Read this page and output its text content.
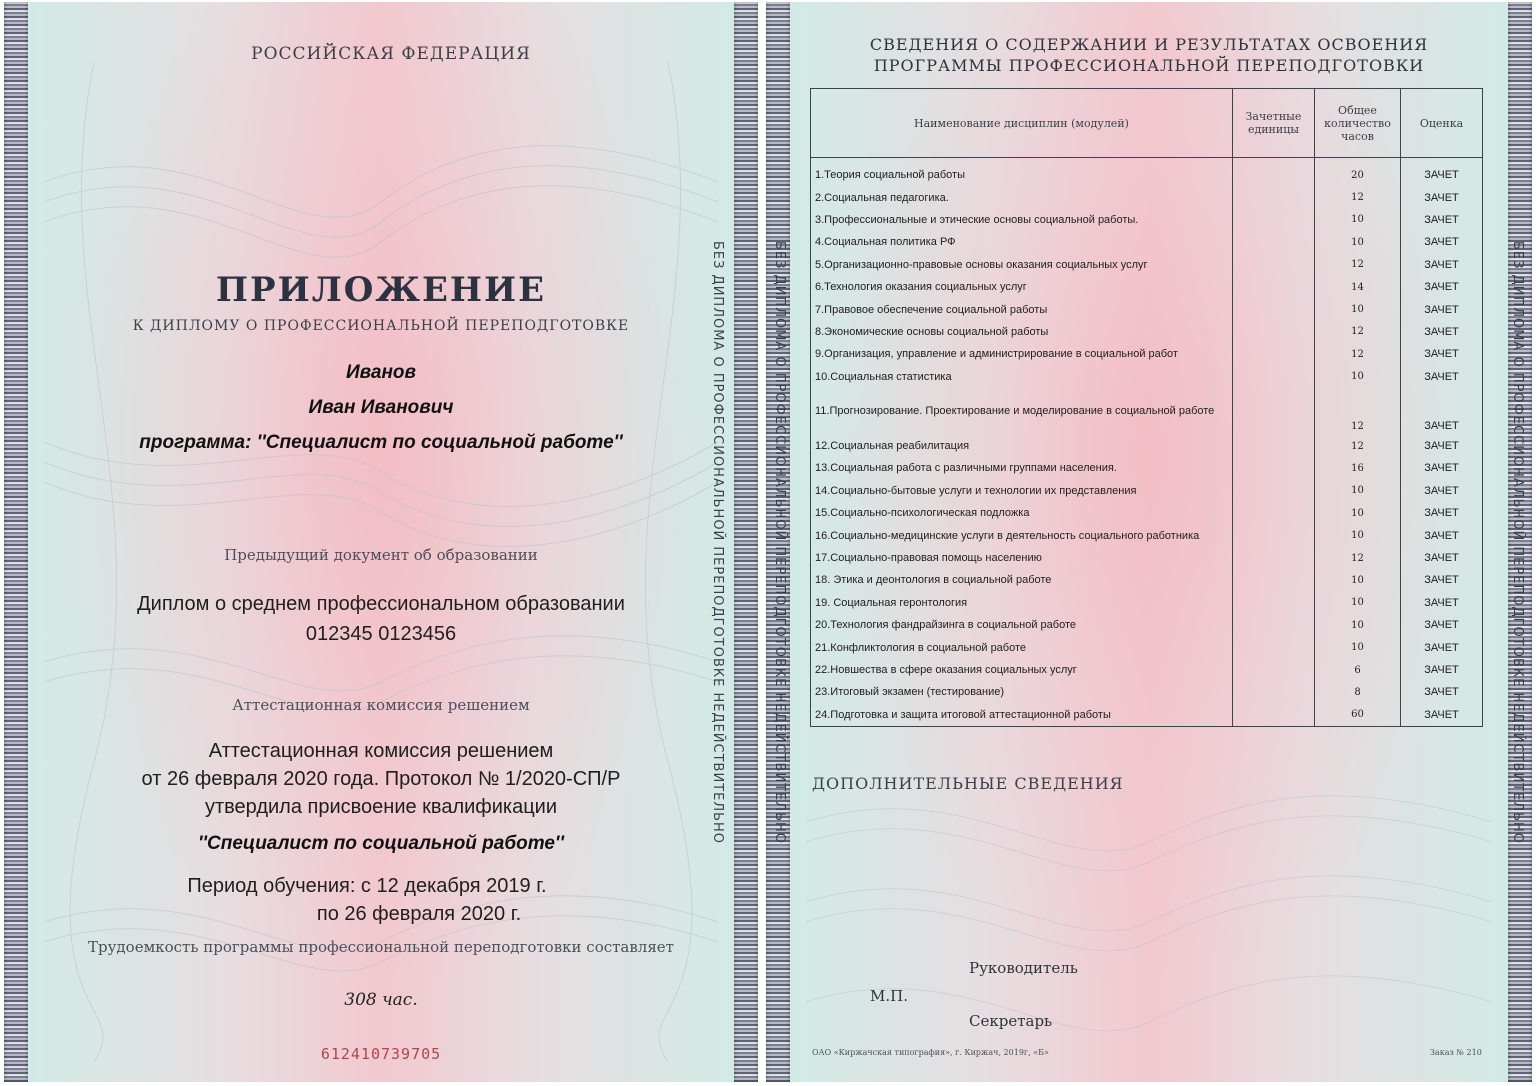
РОССИЙСКАЯ ФЕДЕРАЦИЯ
ПРИЛОЖЕНИЕ
К ДИПЛОМУ О ПРОФЕССИОНАЛЬНОЙ ПЕРЕПОДГОТОВКЕ
Иванов
Иван Иванович
программа: ''Специалист по социальной работе''
Предыдущий документ об образовании
Диплом о среднем профессиональном образовании
012345 0123456
Аттестационная комиссия решением
Аттестационная комиссия решением
от 26 февраля 2020 года. Протокол № 1/2020-СП/Р
утвердила присвоение квалификации
''Специалист по социальной работе''
Период обучения: с 12 декабря 2019 г.
по 26 февраля 2020 г.
Трудоемкость программы профессиональной переподготовки составляет
308 час.
612410739705
БЕЗ ДИПЛОМА О ПРОФЕССИОНАЛЬНОЙ ПЕРЕПОДГОТОВКЕ НЕДЕЙСТВИТЕЛЬНО	БЕЗ ДИПЛОМА О ПРОФЕССИОНАЛЬНОЙ ПЕРЕПОДГОТОВКЕ НЕДЕЙСТВИТЕЛЬНО	БЕЗ ДИПЛОМА О ПРОФЕССИОНАЛЬНОЙ ПЕРЕПОДГОТОВКЕ НЕДЕЙСТВИТЕЛЬНО
СВЕДЕНИЯ О СОДЕРЖАНИИ И РЕЗУЛЬТАТАХ ОСВОЕНИЯ
ПРОГРАММЫ ПРОФЕССИОНАЛЬНОЙ ПЕРЕПОДГОТОВКИ
Наименование дисциплин (модулей)	Зачетные единицы	Общее количество часов	Оценка
1.Теория социальной работы		20	ЗАЧЕТ
2.Социальная педагогика.		12	ЗАЧЕТ
3.Профессиональные и этические основы социальной работы.		10	ЗАЧЕТ
4.Социальная политика РФ		10	ЗАЧЕТ
5.Организационно-правовые основы оказания социальных услуг		12	ЗАЧЕТ
6.Технология оказания социальных услуг		14	ЗАЧЕТ
7.Правовое обеспечение социальной работы		10	ЗАЧЕТ
8.Экономические основы социальной работы		12	ЗАЧЕТ
9.Организация, управление и администрирование в социальной работ		12	ЗАЧЕТ
10.Социальная статистика		10	ЗАЧЕТ
11.Прогнозирование. Проектирование и моделирование в социальной работе		12	ЗАЧЕТ
12.Социальная реабилитация		12	ЗАЧЕТ
13.Социальная работа с различными группами населения.		16	ЗАЧЕТ
14.Социально-бытовые услуги и технологии их представления		10	ЗАЧЕТ
15.Социально-психологическая подложка		10	ЗАЧЕТ
16.Социально-медицинские услуги в деятельность социального работника		10	ЗАЧЕТ
17.Социально-правовая помощь населению		12	ЗАЧЕТ
18. Этика и деонтология в социальной работе		10	ЗАЧЕТ
19. Социальная геронтология		10	ЗАЧЕТ
20.Технология фандрайзинга в социальной работе		10	ЗАЧЕТ
21.Конфликтология в социальной работе		10	ЗАЧЕТ
22.Новшества в сфере оказания социальных услуг		6	ЗАЧЕТ
23.Итоговый экзамен (тестирование)		8	ЗАЧЕТ
24.Подготовка и защита итоговой аттестационной работы		60	ЗАЧЕТ
ДОПОЛНИТЕЛЬНЫЕ СВЕДЕНИЯ
Руководитель
М.П.
Секретарь
ОАО «Киржачская типография», г. Киржач, 2019г, «Б»	Заказ № 210
